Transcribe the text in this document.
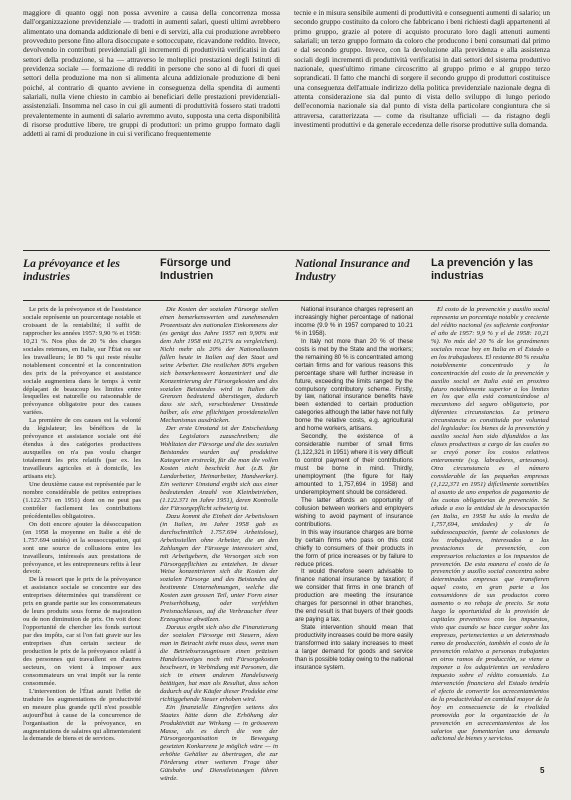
maggiore di quanto oggi non possa avvenire a causa della concorrenza mossa dall'organizzazione previdenziale — tradotti in aumenti salari, questi ultimi avrebbero alimentato una domanda addizionale di beni e di servizi, alla cui produzione avrebbero provveduto persone fino allora disoccupate e sottoccupate, ricavandone reddito. Invece, devolvendo in contributi previdenziali gli incrementi di produttività verificatisi in dati settori della produzione, si ha — attraverso le molteplici prestazioni degli Istituti di previdenza sociale — formazione di redditi in persone che sono al di fuori di quei settori della produzione ma non si alimenta alcuna addizionale produzione di beni poiché, al contrario di quanto avviene in conseguenza della spendita di aumenti salariali, nulla viene chiesto in cambio ai beneficiari delle prestazioni previdenziali-assistenziali. Insomma nel caso in cui gli aumenti di produttività fossero stati tradotti prevalentemente in aumenti di salario avremmo avuto, supposta una certa disponibilità di risorse produttive libere, tre gruppi di produttori: un primo gruppo formato dagli addetti ai rami di produzione in cui si verificano frequentemente
tecnie e in misura sensibile aumenti di produttività e conseguenti aumenti di salario; un secondo gruppo costituito da coloro che fabbricano i beni richiesti dagli appartenenti al primo gruppo, grazie al potere di acquisto procurato loro dagli attenuti aumenti salariali; un terzo gruppo formato da coloro che producono i beni consumati dal primo e dal secondo gruppo. Invece, con la devoluzione alla previdenza e alla assistenza sociali degli incrementi di produttività verificatisi in dati settori del sistema produttivo nazionale, quest'ultimo rimane circoscritto al gruppo primo e al gruppo terzo soprandicati. Il fatto che manchi di sorgere il secondo gruppo di produttori costituisce una conseguenza dell'attuale indirizzo della politica previdenziale nazionale degna di attenta considerazione sia dal punto di vista dello sviluppo di lungo periodo dell'economia nazionale sia dal punto di vista della particolare congiuntura che si attraversa, caratterizzata — come da risultanze ufficiali — da ristagno degli investimenti produttivi e da generale eccedenza delle risorse produttive sulla domanda.
La prévoyance et les industries

Le prix de la prévoyance et de l'assistance sociale représente un pourcentage notable et croissant de la rentabilité; il suffit de rapprocher les années 1957: 9,90 % et 1958: 10,21 %. Nos plus de 20 % des charges sociales retenues, en Italie, sur l'État ou sur les travailleurs; le 80 % qui reste résulte notablement concentré et la concentration des prix de la prévoyance et assistance sociale augmentera dans le temps à venir déplaçant de beaucoup les limites entre lesquelles est naturelle ou raisonnable de prévoyance obligatoire pour des causes variées.

La première de ces causes est la volonté du législateur; les bénéfices de la prévoyance et assistance sociale ont été étendus à des catégories productives auxquelles on n'a pas voulu charger totalement les prix relatifs (par ex. les travailleurs agricoles et à domicile, les artisans etc).

Une deuxième cause est représentée par le nombre considérable de petites entreprises (1.122.371 en 1951) dont on ne peut pas contrôler facilement les contributions précédentelles obligatoires.

On doit encore ajouter la désoccupation (en 1958 la moyenne en Italie a été de 1.757.694 unités) et la sousoccupation, qui sont une source de collusions entre les travailleurs, intéressés aux prestations de prévoyance, et les entrepreneurs refits à leur devoir.

De là ressort que le prix de la prévoyance et assistance sociale se concentre sur des entreprises déterminées qui transfèrent ce prix en grande partie sur les consommateurs de leurs produits sous forme de majoration ou de non diminution de prix. On voit donc l'opportunité de chercher les fonds surtout par des impôts, car si l'on fait gravir sur les entreprises d'un certain secteur de production le prix de la prévoyance relatif à des personnes qui travaillent en d'autres secteurs, on vient à imposer aux consommateurs un vrai impôt sur la rente consommée.

L'intervention de l'État aurait l'effet de traduire les augmentations de productivité en mesure plus grande qu'il n'est possible aujourd'hui à cause de la concurrence de l'organisation de la prévoyance, en augmentations de salaires qui alimenteraient la demande de biens et de services.

Fürsorge und Industrien

Die Kosten der sozialen Fürsorge stellen einen bemerkenswerten und zunehmenden Prozentsatz des nationalen Einkommens der (es genügt das Jahre 1957 mit 9,90% mit dem Jahr 1958 mit 10,21% zu vergleichen). Nicht mehr als 20% der Nationallasten fallen heute in Italien auf den Staat und seine Arbeiter. Die restlichen 80% ergeben sich bemerkenswert konzentriert und die Konzentrierung der Fürsorgekosten und des sozialen Beistandes wird in Italien die Grenzen bedeutend überstiegen, dadurch dass sie sich, verschiedener Umstände halber, als eine pflichtigen providenziellen Mechanismus ausdrücken.

Der erste Umstand ist der Entscheidung des Legislators zuzuschreiben; die Wohltaten der Fürsorge und die des sozialen Beistandes wurden auf produktive Kategorien erstreckt, für die man die vollen Kosten nicht beschickt hat (z.B. für Landarbeiter, Heimarbeiter, Handwerker). Ein weiterer Umstand ergibt sich aus einer bedeutenden Anzahl von Kleinbetrieben, (1.122.371 im Jahre 1951), deren Kontrolle der Fürsorgepflicht schwierig ist.

Dazu kommt die Einheit der Arbeitslosen (in Italien, im Jahre 1958 gab es durchschnittlich 1.757.694 Arbeitslose), Arbeitsstellen ohne Arbeiter, die an den Zahlungen der Fürsorge interessiert sind, mit Arbeitgebern, die Versorgen sich von Fürsorgepflichten zu entziehen. In dieser Weise konzentrieren sich die Kosten der sozialen Fürsorge und des Beistandes auf bestimmte Unternehmungen, welche die Kosten zum grossen Teil, unter Form einer Preiserhöhung, oder verfehlten Preisnachlasses, auf die Verbraucher ihrer Erzeugnisse abwälzen.

Daraus ergibt sich also die Finanzierung der sozialen Fürsorge mit Steuern, idem man in Betracht zieht muss dass, wenn man die Betriebserzeugnissen einen präzisen Handelszweiges noch mit Fürsorgekosten beschwert, in Verbindung mit Personen, die sich in einem anderen Handelszweig betätigen, hat man als Resultat, dass schon dadurch auf die Käufer dieser Produkte eine richtiggehende Steuer erhoben wird.

Ein finanzielle Eingreifen seitens des Staates hätte dann die Erhöhung der Produktivität zur Wirkung — in grösserem Masse, als es durch die von der Fürsorgeorganisation in Bewegung gesetzten Konkurrenz je möglich wäre — in erhöhte Gehälter zu übertragen, die zur Förderung einer weiteren Frage über Gütsbahn und Dienstleistungen führen würde.

National Insurance and Industry

National insurance charges represent an increasingly higher percentage of national income (9.9 % in 1957 compared to 10.21 % in 1958).

In Italy not more than 20 % of these costs is met by the State and the workers; the remaining 80 % is concentrated among certain firms and for various reasons this percentage share will further increase in future, exceeding the limits ranged by the compulsory contributory scheme. Firstly, by law, national insurance benefits have been extended to certain production categories although the latter have not fully borne the relative costs, e.g. agricultural and home workers, artisans.

Secondly, the existence of a considerable number of small firms (1,122,321 in 1951) where it is very difficult to control payment of their contributions must be borne in mind. Thirdly, unemployment (the figure for Italy amounted to 1,757,694 in 1958) and underemployment should be considered.

The latter affords an opportunity of collusion between workers and employers wishing to avoid payment of insurance contributions.

In this way insurance charges are borne by certain firms who pass on this cost chiefly to consumers of their products in the form of price increases or by failure to reduce prices.

It would therefore seem advisable to finance national insurance by taxation; if we consider that firms in one branch of production are meeting the insurance charges for personnel in other branches, the end result is that buyers of their goods are paying a tax.

State intervention should mean that productivity increases could be more easily transformed into salary increases to meet a larger demand for goods and service than is possible today owing to the national insurance system.

La prevención y las industrias

El costo de la prevención y auxilio social representa un porcentaje notable y creciente del rédito nacional (es suficiente confrontar el año de 1957: 9,9 % y el de 1958: 10,21 %). No más del 20 % de los gravámenes sociales recae hoy en Italia en el Estado o en los trabajadores. El restante 80 % resulta notablemente concentrado y la concentración del costo de la prevención y auxilio social en Italia está en proximo futuro notablemente superior a los limites en los que ella está comunicándose al mecanismo del seguro obligatorio, por diferentes circunstancias. La primera circunstancia es constituida por voluntad del legislador: los bienes de la prevención y auxilio social han sido difundidos a las clases productivas a cargo de las cuales no se creyó poner los costos relativos enteramente (v.g. labradores, artesanos). Otra circunstancia es el número considerable de las pequeñas empresas (1,122,371 en 1951) difícilmente sometibles al asunto de uno empeños de pagamento de las cuotas obligatorias de prevención. Se añade a eso la entidad de la desocupación (en Italia, en 1958 ha sido la media de 1,757,694, unidades) y de la subdesocupación, fuente de colusiones de los trabajadores, interesados a las prestaciones de prevención, con empresarios reluctantes a los impuestos de prevención. De esta manera el costo de la prevención y auxilio social concentra sobre determinadas empresas que transfieren aquel costo, en gran parte a los consumidores de sus productos como aumento o no rebaja de precio. Se nota luego la oportunidad de la provisión de capitales preventivos con los impuestos, visto que cuando se hace cargar sobre las empresas, pertenecientes a un determinado ramo de producción, también el costo de la prevención relativo a personas trabajantes en otros ramos de producción, se viene a imponer a los adquirientes un verdadero impuesto sobre el rédito consumido. La intervención financiera del Estado tendría el efecto de convertir los acrecentamientos de la productividad en cantidad mayor de la hoy en consecuencia de la rivalidad promovida por la organización de la prevención en acrecentamientos de los salarios que fomentarían una demanda adicional de bienes y servicios.

5
